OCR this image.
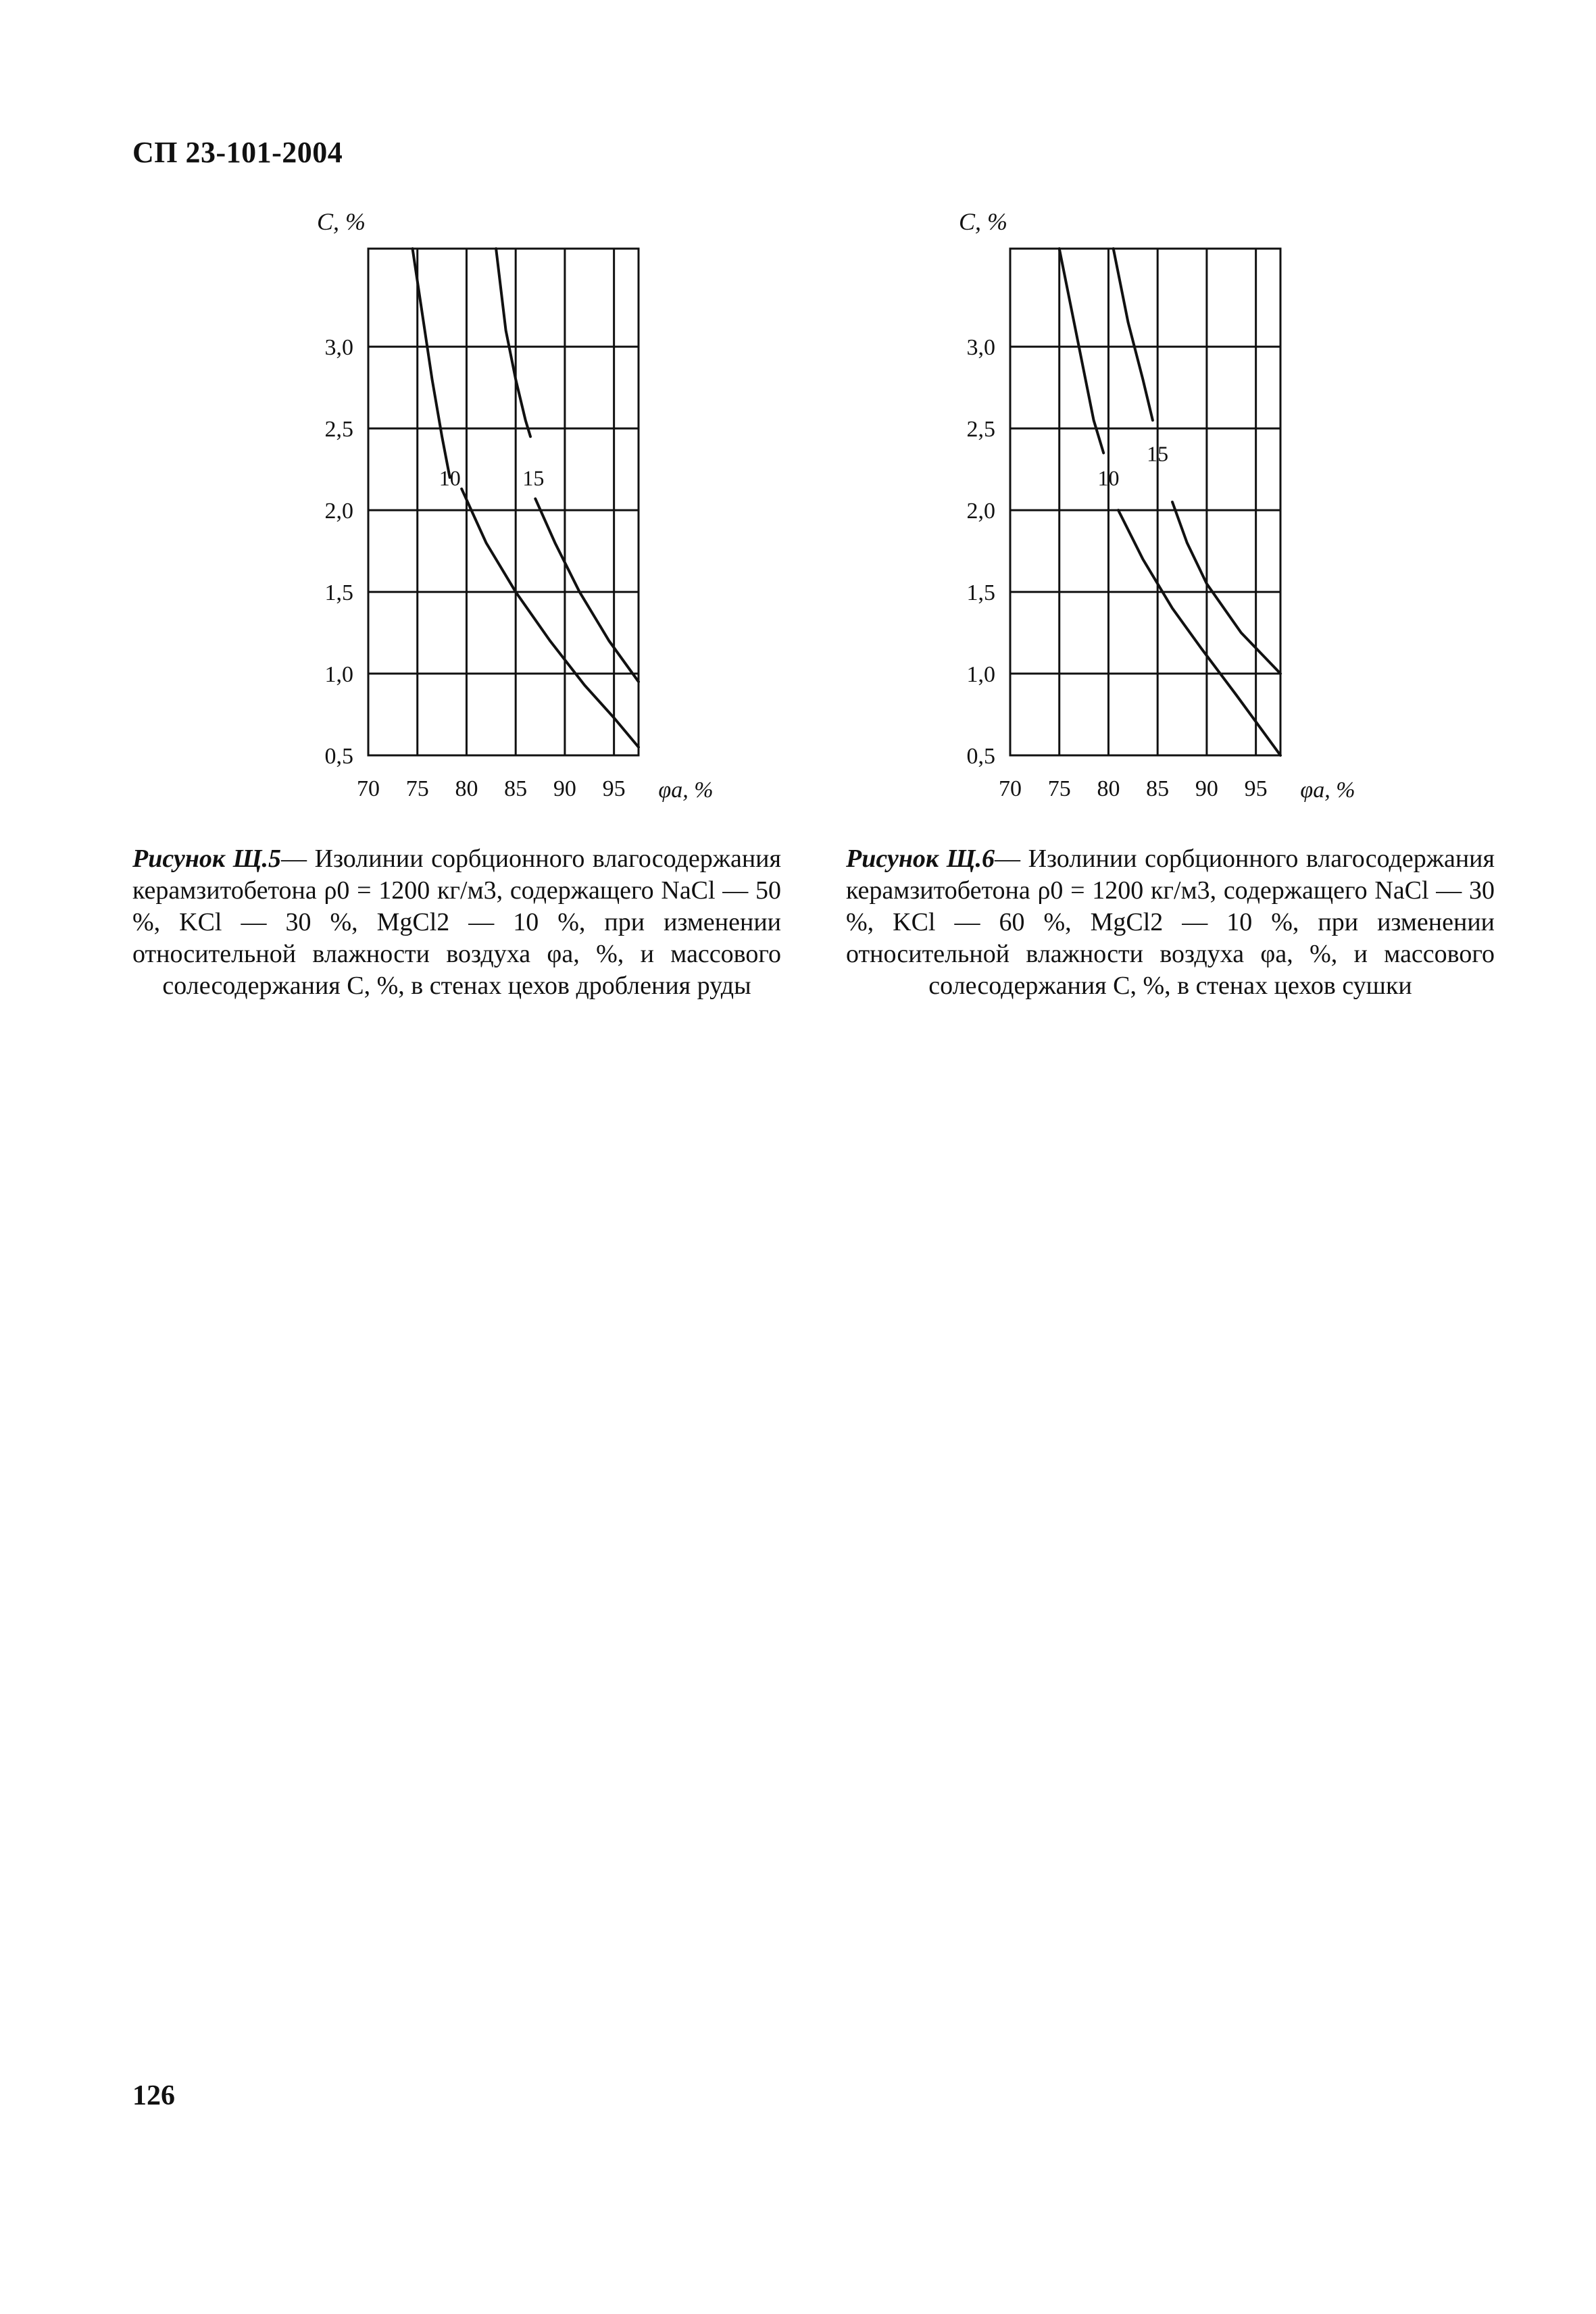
СП 23-101-2004
70 75 80 85 90 95
3,0
2,5
2,0
1,5
1,0
0,5
C, %
φa, %
10	15
70 75 80 85 90 95
3,0
2,5
2,0
1,5
1,0
0,5
C, %
φa, %
10
15
Рисунок Щ.5— Изолинии сорбционного влагосодержания керамзитобетона ρ0 = 1200 кг/м3, содержащего NaCl — 50 %, KCl — 30 %, MgCl2 — 10 %, при изменении относительной влажности воздуха φa, %, и массового солесодержания C, %, в стенах цехов дробления руды
Рисунок Щ.6— Изолинии сорбционного влагосодержания керамзитобетона ρ0 = 1200 кг/м3, содержащего NaCl — 30 %, KCl — 60 %, MgCl2 — 10 %, при изменении относительной влажности воздуха φa, %, и массового солесодержания C, %, в стенах цехов сушки
126
